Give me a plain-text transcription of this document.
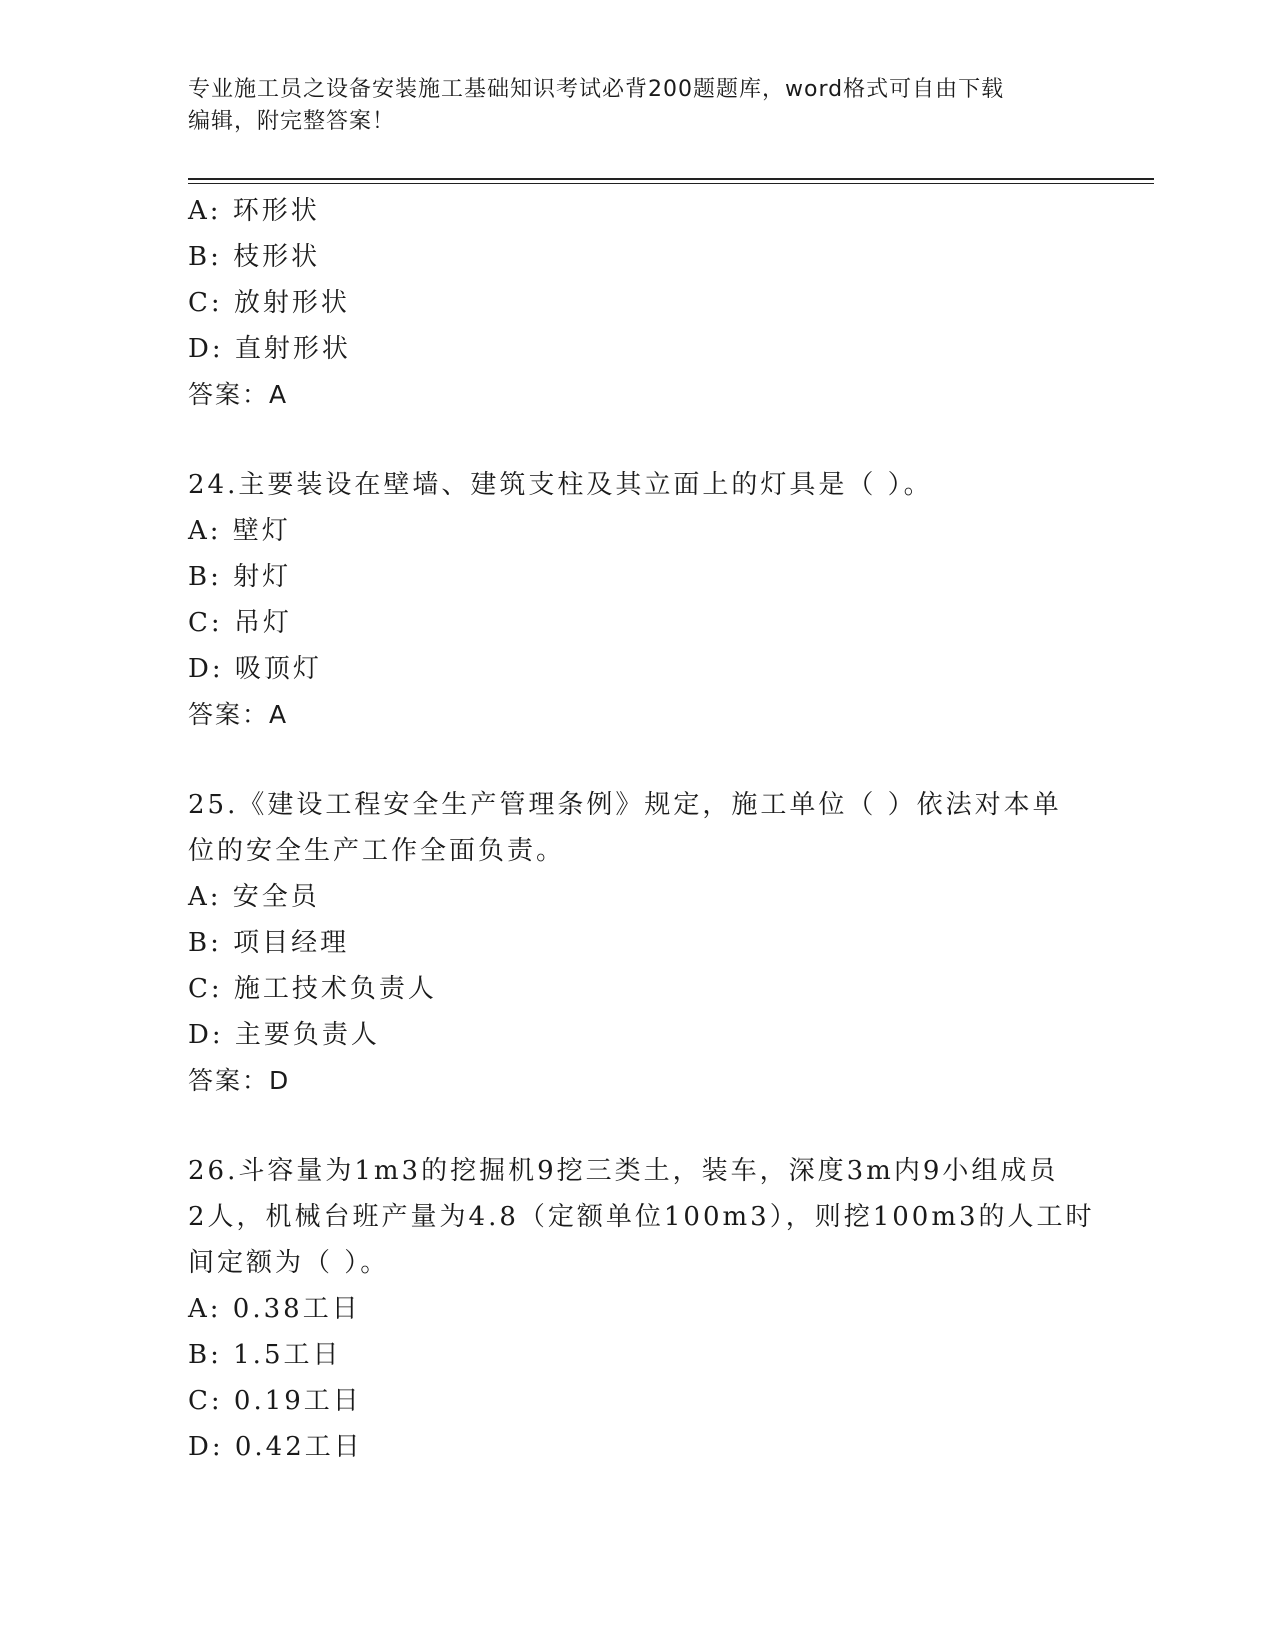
专业施工员之设备安装施工基础知识考试必背200题题库，word格式可自由下载
编辑，附完整答案！
A: 环形状
B: 枝形状
C: 放射形状
D: 直射形状
答案：A
24.主要装设在壁墙、建筑支柱及其立面上的灯具是（ ）。
A: 壁灯
B: 射灯
C: 吊灯
D: 吸顶灯
答案：A
25.《建设工程安全生产管理条例》规定，施工单位（ ）依法对本单
位的安全生产工作全面负责。
A: 安全员
B: 项目经理
C: 施工技术负责人
D: 主要负责人
答案：D
26.斗容量为1m3的挖掘机9挖三类土，装车，深度3m内9小组成员
2人，机械台班产量为4.8（定额单位100m3），则挖100m3的人工时
间定额为（ ）。
A: 0.38工日
B: 1.5工日
C: 0.19工日
D: 0.42工日
